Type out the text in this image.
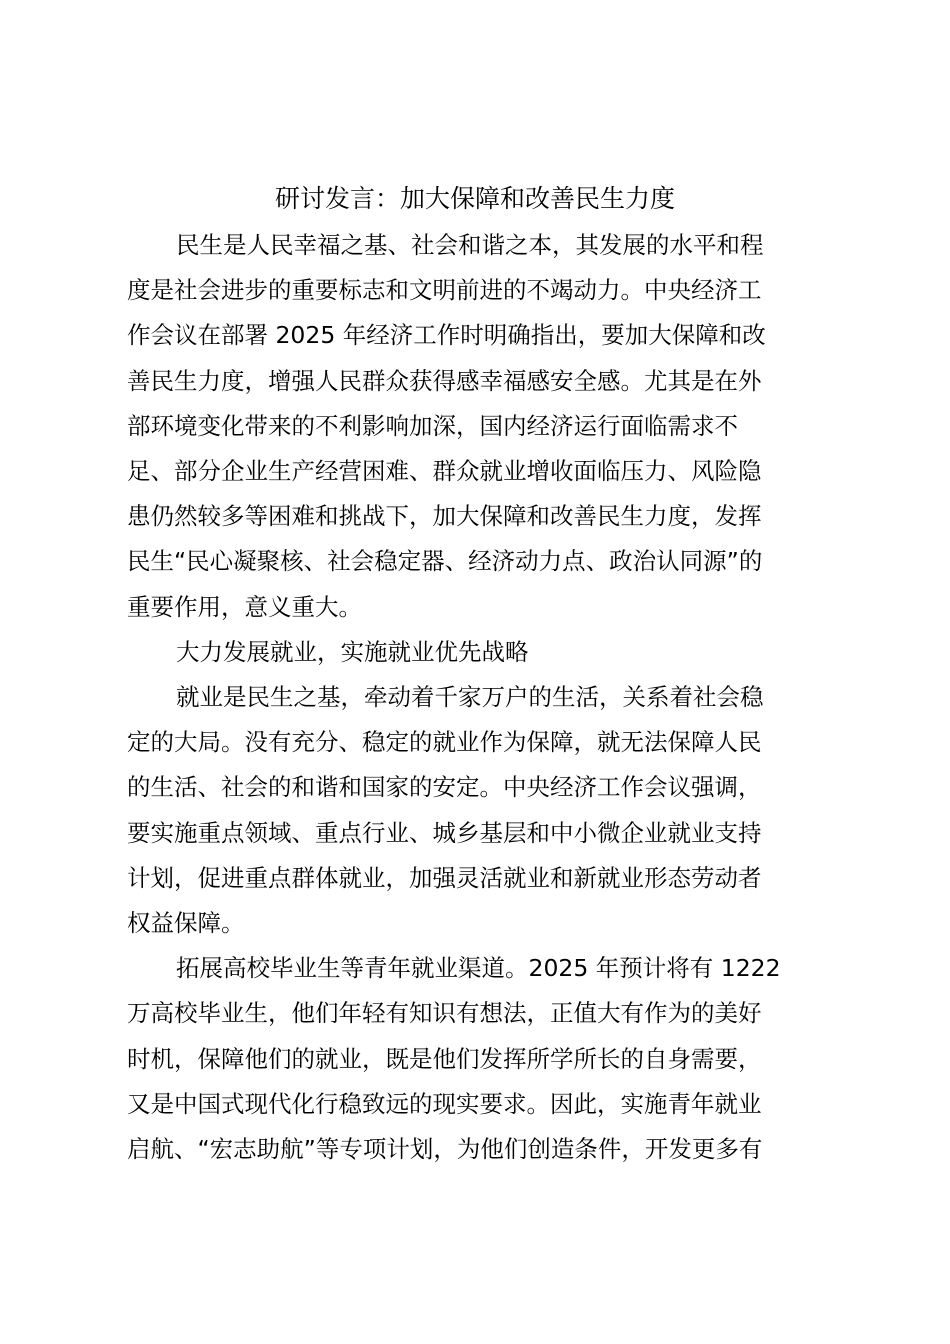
研讨发言：加大保障和改善民生力度
民生是人民幸福之基、社会和谐之本，其发展的水平和程
度是社会进步的重要标志和文明前进的不竭动力。中央经济工
作会议在部署 2025 年经济工作时明确指出，要加大保障和改
善民生力度，增强人民群众获得感幸福感安全感。尤其是在外
部环境变化带来的不利影响加深，国内经济运行面临需求不
足、部分企业生产经营困难、群众就业增收面临压力、风险隐
患仍然较多等困难和挑战下，加大保障和改善民生力度，发挥
民生“民心凝聚核、社会稳定器、经济动力点、政治认同源”的
重要作用，意义重大。
大力发展就业，实施就业优先战略
就业是民生之基，牵动着千家万户的生活，关系着社会稳
定的大局。没有充分、稳定的就业作为保障，就无法保障人民
的生活、社会的和谐和国家的安定。中央经济工作会议强调，
要实施重点领域、重点行业、城乡基层和中小微企业就业支持
计划，促进重点群体就业，加强灵活就业和新就业形态劳动者
权益保障。
拓展高校毕业生等青年就业渠道。2025 年预计将有 1222
万高校毕业生，他们年轻有知识有想法，正值大有作为的美好
时机，保障他们的就业，既是他们发挥所学所长的自身需要，
又是中国式现代化行稳致远的现实要求。因此，实施青年就业
启航、“宏志助航”等专项计划，为他们创造条件，开发更多有
